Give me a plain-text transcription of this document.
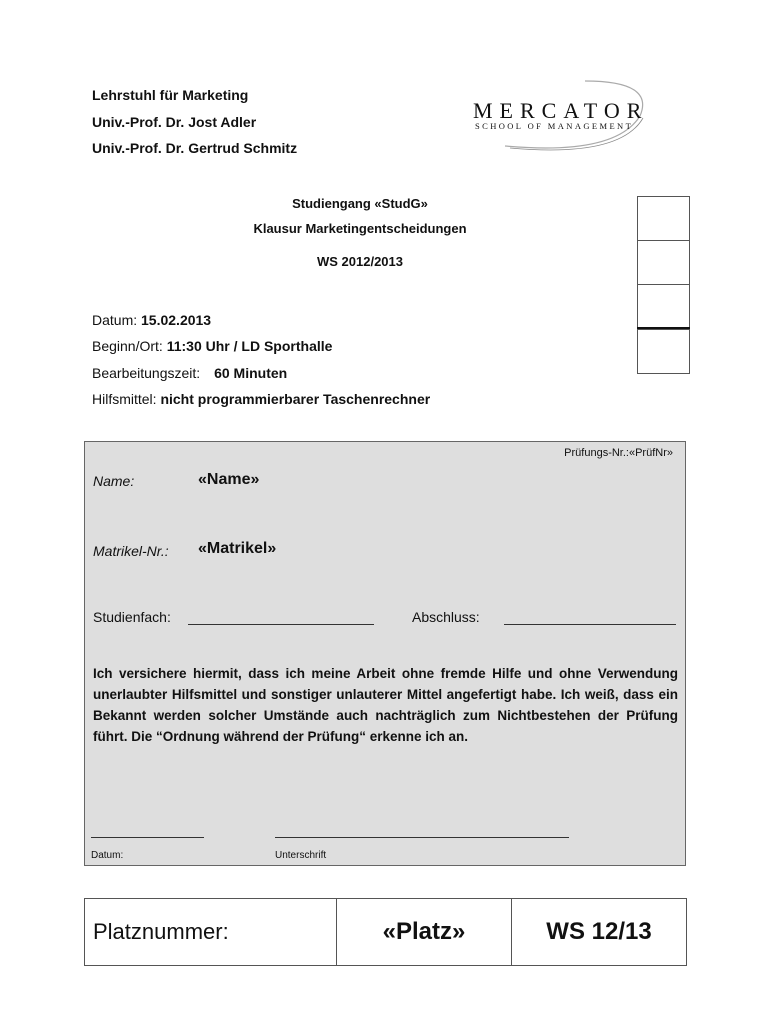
Lehrstuhl für Marketing
Univ.-Prof. Dr. Jost Adler
Univ.-Prof. Dr. Gertrud Schmitz
MERCATOR
SCHOOL OF MANAGEMENT
Studiengang «StudG»
Klausur Marketingentscheidungen
WS 2012/2013
Datum: 15.02.2013
Beginn/Ort: 11:30 Uhr / LD Sporthalle
Bearbeitungszeit: 60 Minuten
Hilfsmittel: nicht programmierbarer Taschenrechner
Prüfungs-Nr.:«PrüfNr»
Name:	«Name»
Matrikel-Nr.: «Matrikel»
Studienfach:	Abschluss:
Datum:	Unterschrift
Ich versichere hiermit, dass ich meine Arbeit ohne fremde Hilfe und ohne Verwendung unerlaubter Hilfsmittel und sonstiger unlauterer Mittel angefertigt habe. Ich weiß, dass ein Bekannt werden solcher Umstände auch nachträglich zum Nichtbestehen der Prüfung führt. Die “Ordnung während der Prüfung“ erkenne ich an.
Platznummer:	«Platz»	WS 12/13
